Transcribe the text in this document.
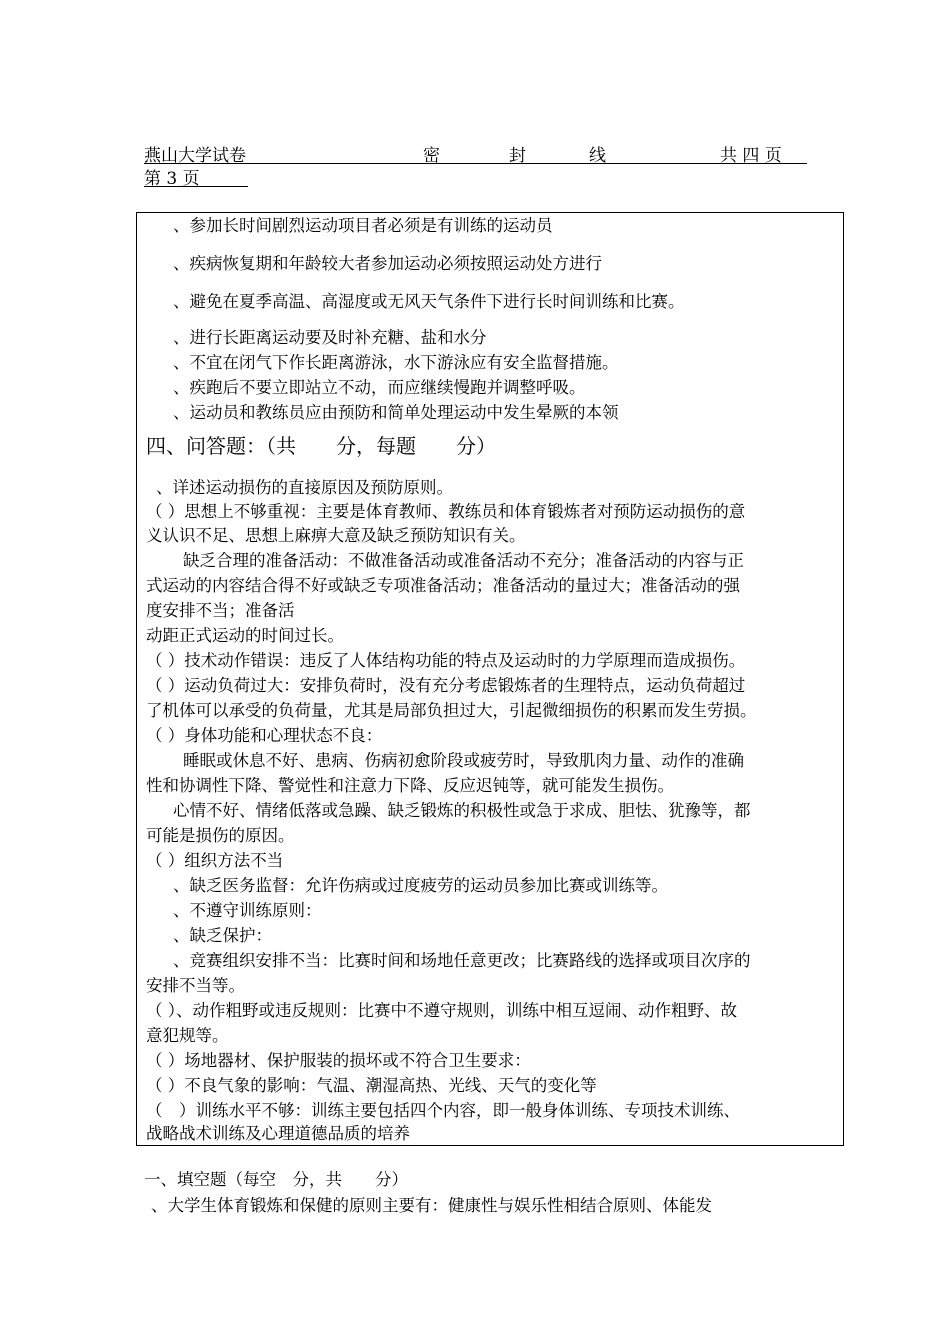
燕山大学试卷	密	封	线	共 四 页
第 3 页
、参加长时间剧烈运动项目者必须是有训练的运动员
、疾病恢复期和年龄较大者参加运动必须按照运动处方进行
、避免在夏季高温、高湿度或无风天气条件下进行长时间训练和比赛。
、进行长距离运动要及时补充糖、盐和水分
、不宜在闭气下作长距离游泳，水下游泳应有安全监督措施。
、疾跑后不要立即站立不动，而应继续慢跑并调整呼吸。
、运动员和教练员应由预防和简单处理运动中发生晕厥的本领
四、问答题：（共　　分，每题　　分）
、详述运动损伤的直接原因及预防原则。
（ ）思想上不够重视：主要是体育教师、教练员和体育锻炼者对预防运动损伤的意
义认识不足、思想上麻痹大意及缺乏预防知识有关。
缺乏合理的准备活动：不做准备活动或准备活动不充分；准备活动的内容与正
式运动的内容结合得不好或缺乏专项准备活动；准备活动的量过大；准备活动的强
度安排不当；准备活
动距正式运动的时间过长。
（ ）技术动作错误：违反了人体结构功能的特点及运动时的力学原理而造成损伤。
（ ）运动负荷过大：安排负荷时，没有充分考虑锻炼者的生理特点，运动负荷超过
了机体可以承受的负荷量，尤其是局部负担过大，引起微细损伤的积累而发生劳损。
（ ）身体功能和心理状态不良：
睡眠或休息不好、患病、伤病初愈阶段或疲劳时，导致肌肉力量、动作的准确
性和协调性下降、警觉性和注意力下降、反应迟钝等，就可能发生损伤。
心情不好、情绪低落或急躁、缺乏锻炼的积极性或急于求成、胆怯、犹豫等，都
可能是损伤的原因。
（ ）组织方法不当
、缺乏医务监督：允许伤病或过度疲劳的运动员参加比赛或训练等。
、不遵守训练原则：
、缺乏保护：
、竞赛组织安排不当：比赛时间和场地任意更改；比赛路线的选择或项目次序的
安排不当等。
（ ）、动作粗野或违反规则：比赛中不遵守规则，训练中相互逗闹、动作粗野、故
意犯规等。
（ ）场地器材、保护服装的损坏或不符合卫生要求：
（ ）不良气象的影响：气温、潮湿高热、光线、天气的变化等
（　）训练水平不够：训练主要包括四个内容，即一般身体训练、专项技术训练、
战略战术训练及心理道德品质的培养
一、填空题（每空　分，共　　分）
、大学生体育锻炼和保健的原则主要有：健康性与娱乐性相结合原则、体能发
